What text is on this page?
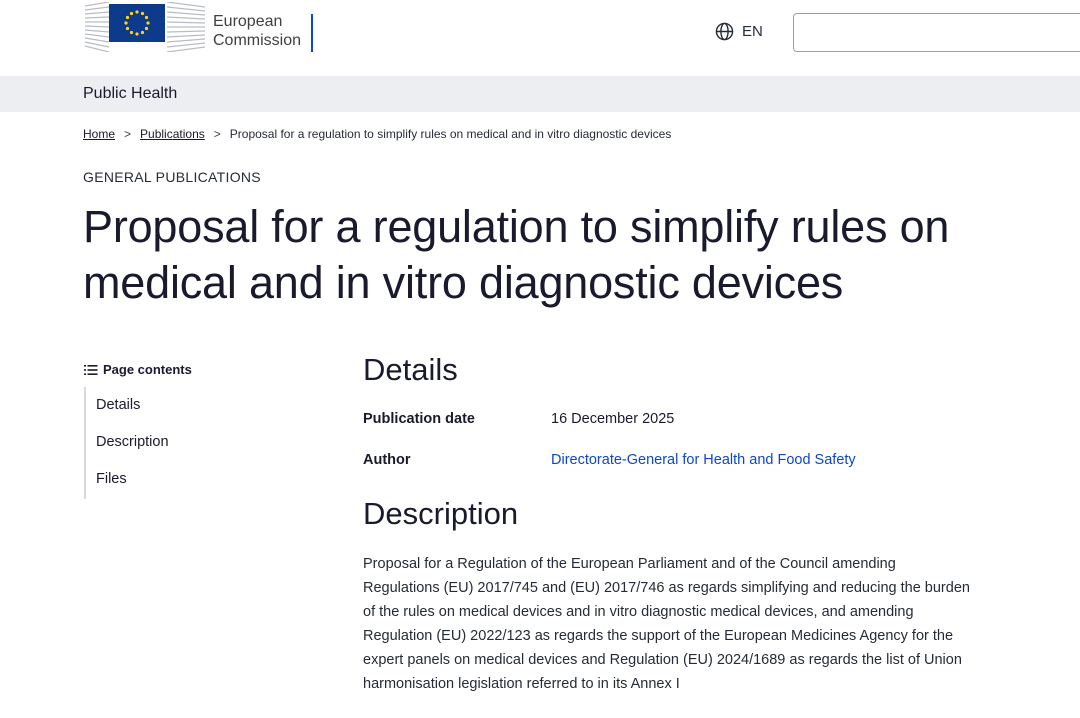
European
Commission
EN
Public Health
Home > Publications > Proposal for a regulation to simplify rules on medical and in vitro diagnostic devices
GENERAL PUBLICATIONS
Proposal for a regulation to simplify rules on medical and in vitro diagnostic devices
Page contents
Details
Description
Files
Details
Publication date	16 December 2025
Author	Directorate-General for Health and Food Safety
Description

Proposal for a Regulation of the European Parliament and of the Council amending Regulations (EU) 2017/745 and (EU) 2017/746 as regards simplifying and reducing the burden of the rules on medical devices and in vitro diagnostic medical devices, and amending Regulation (EU) 2022/123 as regards the support of the European Medicines Agency for the expert panels on medical devices and Regulation (EU) 2024/1689 as regards the list of Union harmonisation legislation referred to in its Annex I
